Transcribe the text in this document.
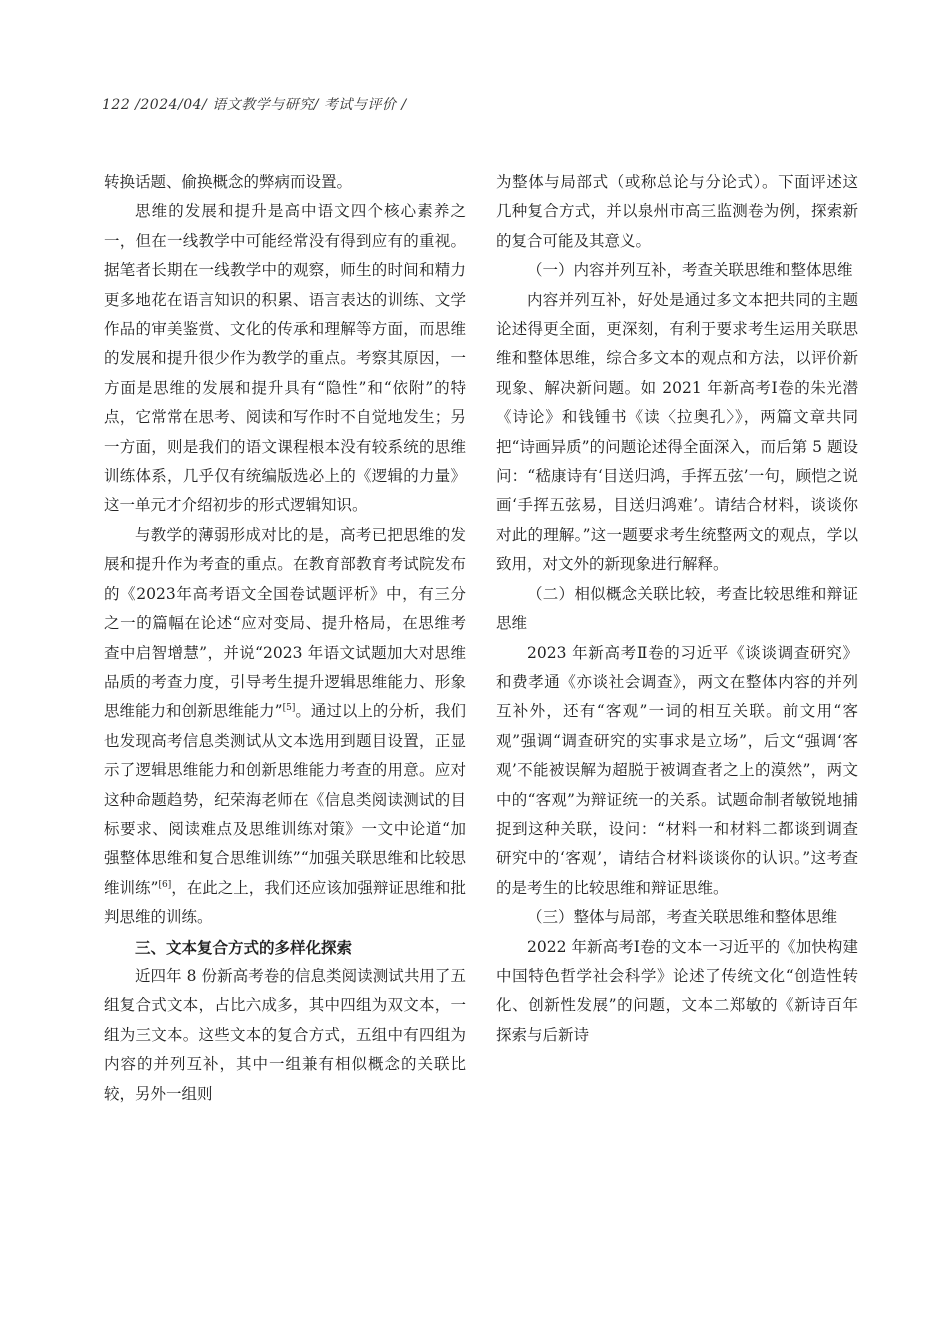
122 /2024/04/ 语文教学与研究/ 考试与评价 /

转换话题、偷换概念的弊病而设置。

思维的发展和提升是高中语文四个核心素养之一，但在一线教学中可能经常没有得到应有的重视。据笔者长期在一线教学中的观察，师生的时间和精力更多地花在语言知识的积累、语言表达的训练、文学作品的审美鉴赏、文化的传承和理解等方面，而思维的发展和提升很少作为教学的重点。考察其原因，一方面是思维的发展和提升具有“隐性”和“依附”的特点，它常常在思考、阅读和写作时不自觉地发生；另一方面，则是我们的语文课程根本没有较系统的思维训练体系，几乎仅有统编版选必上的《逻辑的力量》这一单元才介绍初步的形式逻辑知识。

与教学的薄弱形成对比的是，高考已把思维的发展和提升作为考查的重点。在教育部教育考试院发布的《2023年高考语文全国卷试题评析》中，有三分之一的篇幅在论述“应对变局、提升格局，在思维考查中启智增慧”，并说“2023 年语文试题加大对思维品质的考查力度，引导考生提升逻辑思维能力、形象思维能力和创新思维能力”[5]。通过以上的分析，我们也发现高考信息类测试从文本选用到题目设置，正显示了逻辑思维能力和创新思维能力考查的用意。应对这种命题趋势，纪荣海老师在《信息类阅读测试的目标要求、阅读难点及思维训练对策》一文中论道“加强整体思维和复合思维训练”“加强关联思维和比较思维训练”[6]，在此之上，我们还应该加强辩证思维和批判思维的训练。

三、文本复合方式的多样化探索

近四年 8 份新高考卷的信息类阅读测试共用了五组复合式文本，占比六成多，其中四组为双文本，一组为三文本。这些文本的复合方式，五组中有四组为内容的并列互补，其中一组兼有相似概念的关联比较，另外一组则

为整体与局部式（或称总论与分论式）。下面评述这几种复合方式，并以泉州市高三监测卷为例，探索新的复合可能及其意义。

（一）内容并列互补，考查关联思维和整体思维

内容并列互补，好处是通过多文本把共同的主题论述得更全面，更深刻，有利于要求考生运用关联思维和整体思维，综合多文本的观点和方法，以评价新现象、解决新问题。如 2021 年新高考Ⅰ卷的朱光潜《诗论》和钱锺书《读〈拉奥孔〉》，两篇文章共同把“诗画异质”的问题论述得全面深入，而后第 5 题设问：“嵇康诗有‘目送归鸿，手挥五弦’一句，顾恺之说画‘手挥五弦易，目送归鸿难’。请结合材料，谈谈你对此的理解。”这一题要求考生统整两文的观点，学以致用，对文外的新现象进行解释。

（二）相似概念关联比较，考查比较思维和辩证思维

2023 年新高考Ⅱ卷的习近平《谈谈调查研究》和费孝通《亦谈社会调查》，两文在整体内容的并列互补外，还有“客观”一词的相互关联。前文用“客观”强调“调查研究的实事求是立场”，后文“强调‘客观’不能被误解为超脱于被调查者之上的漠然”，两文中的“客观”为辩证统一的关系。试题命制者敏锐地捕捉到这种关联，设问：“材料一和材料二都谈到调查研究中的‘客观’，请结合材料谈谈你的认识。”这考查的是考生的比较思维和辩证思维。

（三）整体与局部，考查关联思维和整体思维

2022 年新高考Ⅰ卷的文本一习近平的《加快构建中国特色哲学社会科学》论述了传统文化“创造性转化、创新性发展”的问题，文本二郑敏的《新诗百年探索与后新诗
